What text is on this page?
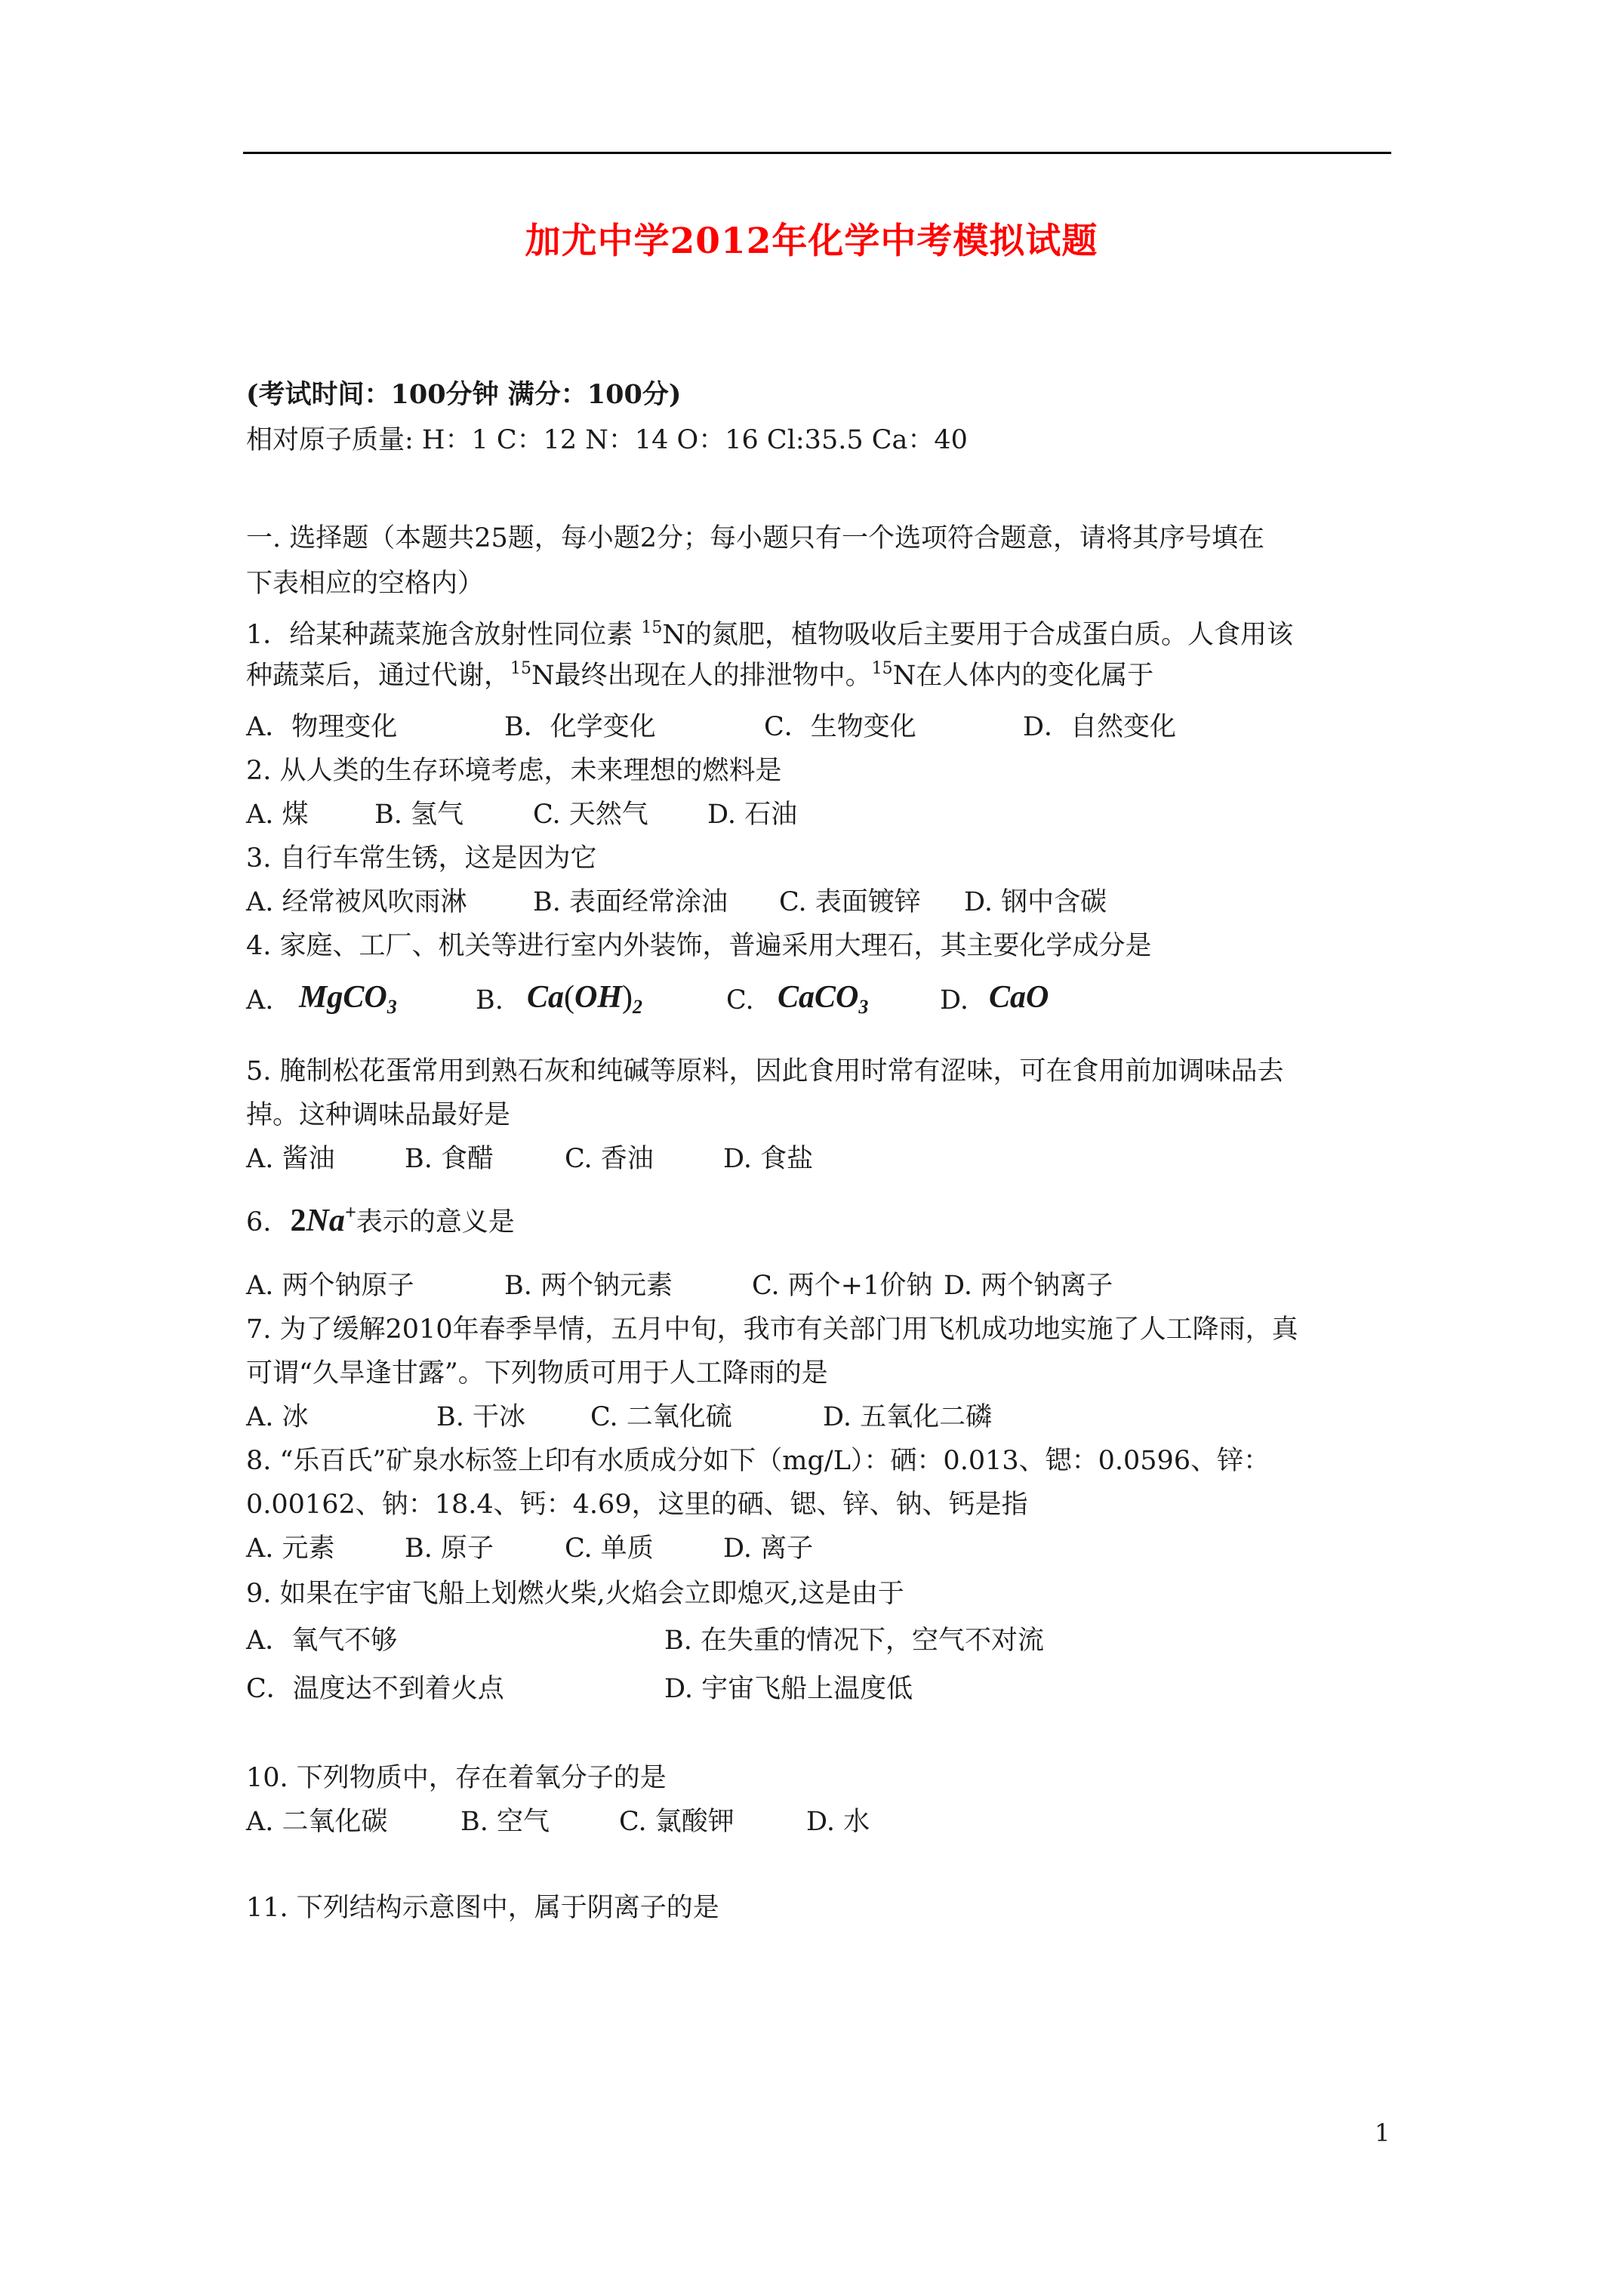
加尤中学2012年化学中考模拟试题
(考试时间：100分钟 满分：100分)
相对原子质量: H：1 C：12 N：14 O：16 Cl:35.5 Ca：40
一. 选择题（本题共25题，每小题2分；每小题只有一个选项符合题意，请将其序号填在
下表相应的空格内）
1．给某种蔬菜施含放射性同位素 $^{15}$N的氮肥，植物吸收后主要用于合成蛋白质。人食用该
种蔬菜后，通过代谢，$^{15}$N最终出现在人的排泄物中。$^{15}$N在人体内的变化属于
A．物理变化	B．化学变化	C．生物变化	D．自然变化
2. 从人类的生存环境考虑，未来理想的燃料是
A. 煤 B. 氢气	C. 天然气 D. 石油
3. 自行车常生锈，这是因为它
A. 经常被风吹雨淋 B. 表面经常涂油 C. 表面镀锌 D. 钢中含碳
4. 家庭、工厂、机关等进行室内外装饰，普遍采用大理石，其主要化学成分是
A. MgCO$_3$	B. $Ca(OH)_2$	C. CaCO$_3$	D. CaO
5. 腌制松花蛋常用到熟石灰和纯碱等原料，因此食用时常有涩味，可在食用前加调味品去
掉。这种调味品最好是
A. 酱油	B. 食醋	C. 香油	D. 食盐
6. 2Na+表示的意义是
A. 两个钠原子	B. 两个钠元素	C. 两个+1价钠 D. 两个钠离子
7. 为了缓解2010年春季旱情，五月中旬，我市有关部门用飞机成功地实施了人工降雨，真
可谓“久旱逢甘露”。下列物质可用于人工降雨的是
A. 冰	B. 干冰 C. 二氧化硫	D. 五氧化二磷
8. “乐百氏”矿泉水标签上印有水质成分如下（mg/L）：硒：0.013、锶：0.0596、锌：
0.00162、钠：18.4、钙：4.69，这里的硒、锶、锌、钠、钙是指
A. 元素	B. 原子	C. 单质	D. 离子
9. 如果在宇宙飞船上划燃火柴,火焰会立即熄灭,这是由于
A．氧气不够	B. 在失重的情况下，空气不对流
C．温度达不到着火点	D. 宇宙飞船上温度低
10. 下列物质中，存在着氧分子的是
A. 二氧化碳	B. 空气	C. 氯酸钾	D. 水
11. 下列结构示意图中，属于阴离子的是
1
